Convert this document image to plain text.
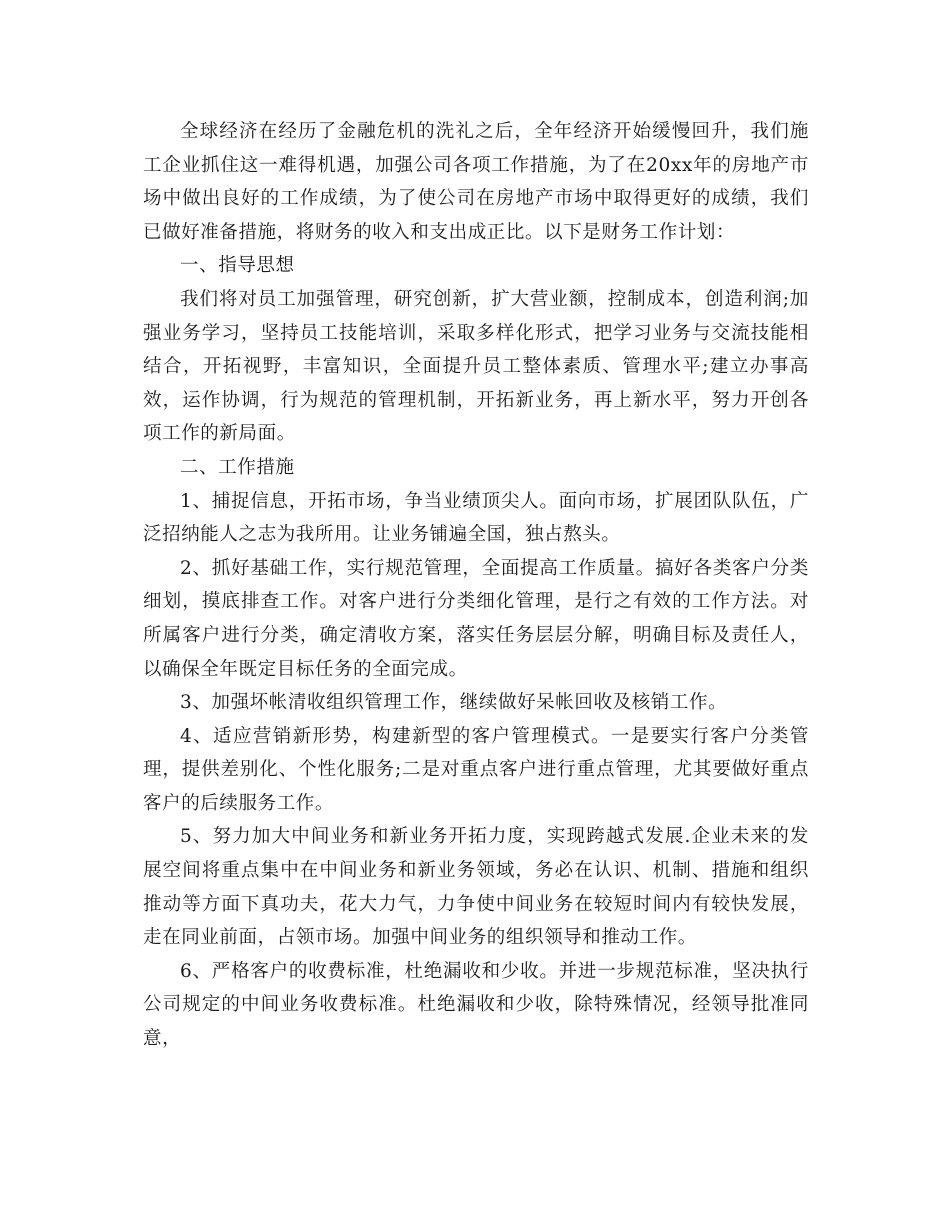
全球经济在经历了金融危机的洗礼之后，全年经济开始缓慢回升，我们施工企业抓住这一难得机遇，加强公司各项工作措施，为了在20xx年的房地产市场中做出良好的工作成绩，为了使公司在房地产市场中取得更好的成绩，我们已做好准备措施，将财务的收入和支出成正比。以下是财务工作计划：

一、指导思想

我们将对员工加强管理，研究创新，扩大营业额，控制成本，创造利润;加强业务学习，坚持员工技能培训，采取多样化形式，把学习业务与交流技能相结合，开拓视野，丰富知识，全面提升员工整体素质、管理水平;建立办事高效，运作协调，行为规范的管理机制，开拓新业务，再上新水平，努力开创各项工作的新局面。

二、工作措施

1、捕捉信息，开拓市场，争当业绩顶尖人。面向市场，扩展团队队伍，广泛招纳能人之志为我所用。让业务铺遍全国，独占熬头。

2、抓好基础工作，实行规范管理，全面提高工作质量。搞好各类客户分类细划，摸底排查工作。对客户进行分类细化管理，是行之有效的工作方法。对所属客户进行分类，确定清收方案，落实任务层层分解，明确目标及责任人，以确保全年既定目标任务的全面完成。

3、加强坏帐清收组织管理工作，继续做好呆帐回收及核销工作。

4、适应营销新形势，构建新型的客户管理模式。一是要实行客户分类管理，提供差别化、个性化服务;二是对重点客户进行重点管理，尤其要做好重点客户的后续服务工作。

5、努力加大中间业务和新业务开拓力度，实现跨越式发展.企业未来的发展空间将重点集中在中间业务和新业务领域，务必在认识、机制、措施和组织推动等方面下真功夫，花大力气，力争使中间业务在较短时间内有较快发展，走在同业前面，占领市场。加强中间业务的组织领导和推动工作。

6、严格客户的收费标准，杜绝漏收和少收。并进一步规范标准，坚决执行公司规定的中间业务收费标准。杜绝漏收和少收，除特殊情况，经领导批准同意，
